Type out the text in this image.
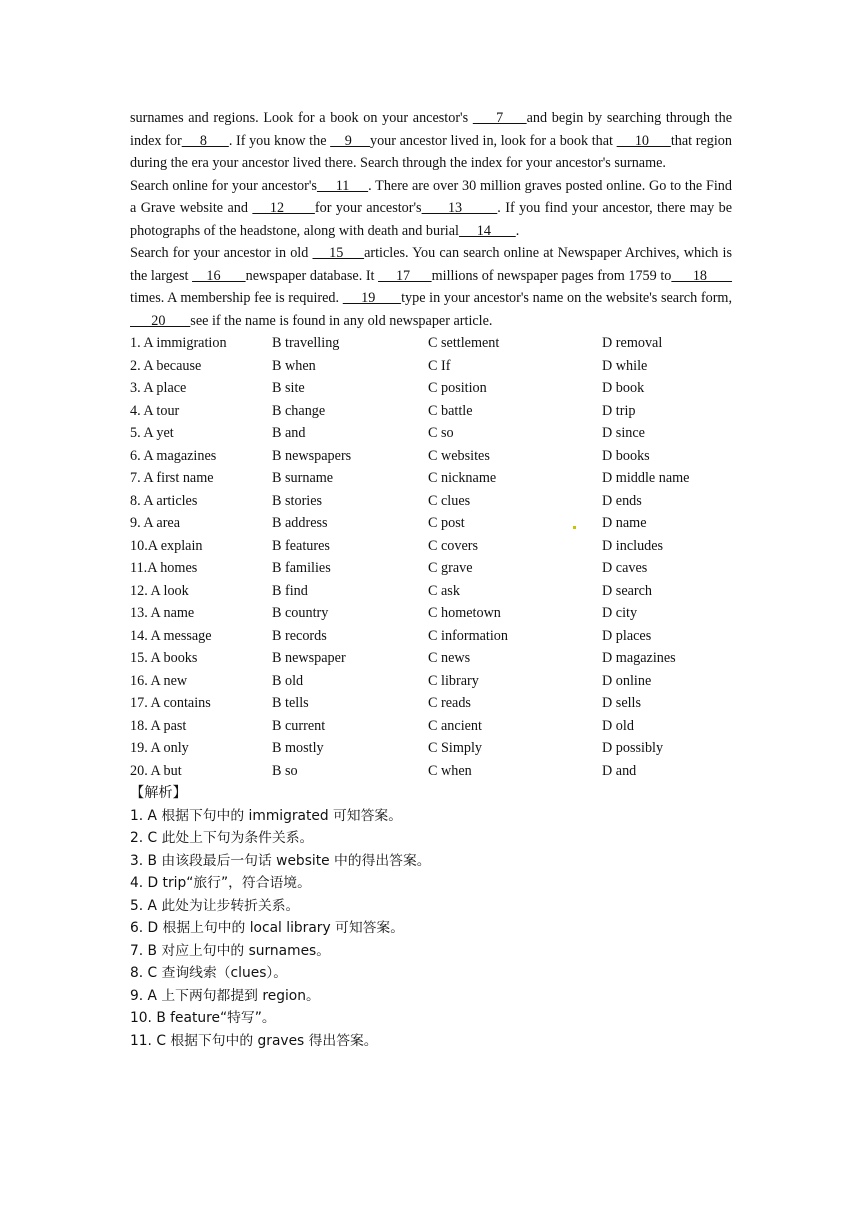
surnames and regions. Look for a book on your ancestor's      7     and begin by searching through the index for     8      . If you know the     9     your ancestor lived in, look for a book that      10      that region during the era your ancestor lived there. Search through the index for your ancestor's surname.

Search online for your ancestor's     11     . There are over 30 million graves posted online. Go to the Find a Grave website and     12       for your ancestor's      13        . If you find your ancestor, there may be photographs of the headstone, along with death and burial     14       .

Search for your ancestor in old     15     articles. You can search online at Newspaper Archives, which is the largest     16       newspaper database. It      17      millions of newspaper pages from 1759 to      18        times. A membership fee is required.      19       type in your ancestor's name on the website's search form,       20       see if the name is found in any old newspaper article.

1. A immigration	B travelling	C settlement	D removal
2. A because	B when	C If	D while
3. A place	B site	C position	D book
4. A tour	B change	C battle	D trip
5. A yet	B and	C so	D since
6. A magazines	B newspapers	C websites	D books
7. A first name	B surname	C nickname	D middle name
8. A articles	B stories	C clues	D ends
9. A area	B address	C post	D name
10.A explain	B features	C covers	D includes
11.A homes	B families	C grave	D caves
12. A look	B find	C ask	D search
13. A name	B country	C hometown	D city
14. A message	B records	C information	D places
15. A books	B newspaper	C news	D magazines
16. A new	B old	C library	D online
17. A contains	B tells	C reads	D sells
18. A past	B current	C ancient	D old
19. A only	B mostly	C Simply	D possibly
20. A but	B so	C when	D and
【解析】
1. A 根据下句中的 immigrated 可知答案。
2. C 此处上下句为条件关系。
3. B 由该段最后一句话 website 中的得出答案。
4. D trip“旅行”，符合语境。
5. A 此处为让步转折关系。
6. D 根据上句中的 local library 可知答案。
7. B 对应上句中的 surnames。
8. C 查询线索（clues）。
9. A 上下两句都提到 region。
10. B feature“特写”。
11. C 根据下句中的 graves 得出答案。
